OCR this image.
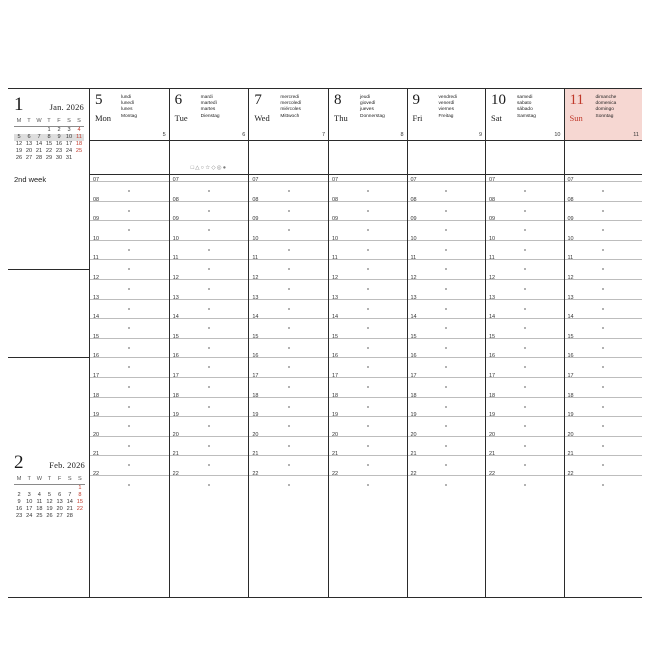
1	Jan. 2026
M	T	W	T	F	S	S
			1	2	3	4
5	6	7	8	9	10	11
12	13	14	15	16	17	18
19	20	21	22	23	24	25
26	27	28	29	30	31	
2nd week
2	Feb. 2026
M	T	W	T	F	S	S
						1
2	3	4	5	6	7	8
9	10	11	12	13	14	15
16	17	18	19	20	21	22
23	24	25	26	27	28	
5
Mon
lundi
lunedì
lunes
Montag
5
07
08
09
10
11
12
13
14
15
16
17
18
19
20
21
22
6
Tue
mardi
martedì
martes
Dienstag
6
□△○☆◇◎●
07
08
09
10
11
12
13
14
15
16
17
18
19
20
21
22
7
Wed
mercredi
mercoledì
miércoles
Mittwoch
7
07
08
09
10
11
12
13
14
15
16
17
18
19
20
21
22
8
Thu
jeudi
giovedì
jueves
Donnerstag
8
07
08
09
10
11
12
13
14
15
16
17
18
19
20
21
22
9
Fri
vendredi
venerdì
viernes
Freitag
9
07
08
09
10
11
12
13
14
15
16
17
18
19
20
21
22
10
Sat
samedi
sabato
sábado
Samstag
10
07
08
09
10
11
12
13
14
15
16
17
18
19
20
21
22
11
Sun
dimanche
domenica
domingo
Sonntag
11
07
08
09
10
11
12
13
14
15
16
17
18
19
20
21
22
